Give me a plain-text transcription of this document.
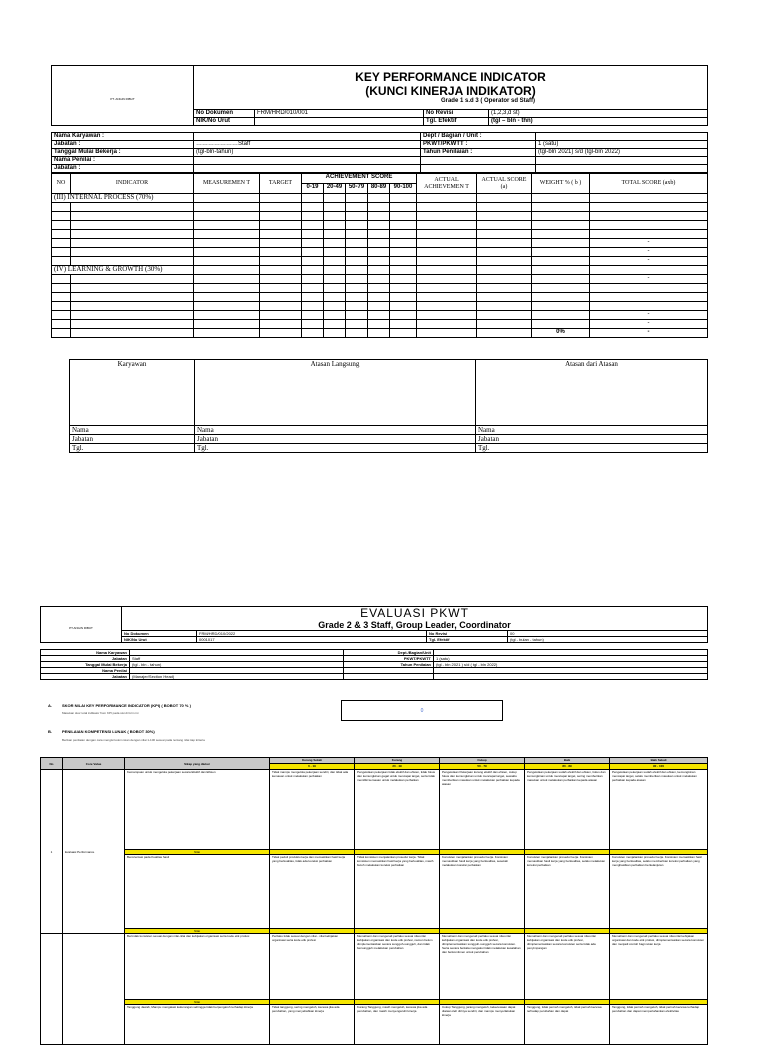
PT. ANGIN RIBUT	KEY PERFORMANCE INDICATOR
(KUNCI KINERJA INDIKATOR)
Grade 1 s.d 3 ( Operator sd Staff)			

	No Dokumen	FRM/HRD/010/001	No Revisi	(1,2,3,d st)
	NIK/No Urut		Tgl. Efektif	(tgl – bln - thn)
Nama Karyawan :		Dept / Bagian / Unit :	
Jabatan :	…………………Staff	PKWT/PKWTT :	1 (satu)
Tanggal Mulai Bekerja :	(tgl-bln-tahun)	Tahun Penilaian :	(tgl-bln 2021) s/d (tgl-bln 2022)
Nama Penilai :			
Jabatan :			
NO	INDICATOR	MEASUREMEN T	TARGET	ACHIEVEMENT SCORE					ACTUAL ACHIEVEMEN T	ACTUAL SCORE (a)	WEIGHT % ( b )	TOTAL SCORE (axb)
				0-19	20-49	50-79	80-89	90-100				
(III) INTERNAL PROCESS (70%)												

												-
												-
												-
(IV) LEARNING & GROWTH (30%)												
												-

												-
												-
											0%	-
Karyawan	Atasan Langsung	Atasan dari Atasan
Nama	Nama	Nama
Jabatan	Jabatan	Jabatan
Tgl.	Tgl.	Tgl.
PT.ANGIN RIBUT	EVALUASI PKWT
Grade 2 & 3 Staff, Group Leader, Coordinator			

	No Dokumen	FRM/HRD/010/2022	No Revisi	00
	NIK/No Urut	0001017	Tgl. Efektif	(tgl - bulan - tahun)
Nama Karyawan		Dept./Bagian/Unit	
Jabatan	Staff	PKWT/PKWTT	1 (satu)
Tanggal Mulai Bekerja	(tgl - bln - tahun)	Tahun Penilaian	(tgl - bln 2021 ) s/d ( tgl - bln 2022)
Nama Penilai			
Jabatan	(Manajer/Section Head)		
A.	SKOR NILAI KEY PERFORMANCE INDICATOR (KPI) ( BOBOT 70 % )
Masukan skor total indikator from KPI pada sisi di form ini	0
B.	PENILAIAN KOMPETENSI LUNAK ( BOBOT 30%)
Berikan penilaian dengan cara mengisi kolom isian dengan nilai 1-100 sesuai pada rentang nilai tiap kriteria
No	Core Value	Sikap yang diukur	Kurang Sekali	Kurang	Cukup	Baik	Baik Sekali
			0 - 19	20 - 49	50 - 79	80 - 89	90 - 100
1	Evaluasi Performance	Kemampuan untuk mengelola pekerjaan secara Efektif dan Efisien	Tidak mampu mengelola pekerjaan sendiri, dan tidak ada kemauan untuk melakukan perbaikan	Pengelolaan pekerjaan tidak efektif dan efisien, tidak fokus dan kemungkinan gagal untuk mencapai target, serta tidak memiliki kemauan untuk melakukan perbaikan	Pengelolaan Pekerjaan kurang efektif dan efisien, cukup fokus dan kemungkinan untuk mencapai target, sewaktu memberikan masukan untuk melakukan perbaikan kepada atasan	Pengelolaan pekerjaan sudah efektif dan efisien, fokus dan kemungkinan untuk mencapai target, sering memberikan masukan untuk melakukan perbaikan kepada atasan	Pengelolaan pekerjaan sudah efektif dan efisien, kemungkinan mencapai target, selalu memberikan masukan untuk melakukan perbaikan kepada atasan
		Nilai					
		Berorientasi pada Kualitas hasil	Tidak peduli produktu kerja dan memastikan hasil kerja yang berkualitas, tidak ada koreksi perbaikan	Tidak konsisten menjalankan prosedur kerja. Tidak konsisten memastikan hasil kerja yang berkualitas, masih butuh melakukan koreksi perbaikan	Konsisten menjalankan prosedur kerja. Konsisten memastikan hasil kerja yang berkualitas, sesekali melakukan koreksi perbaikan	Konsisten menjalankan prosedur kerja. Konsisten memastikan hasil kerja yang berkualitas, selalu melakukan koreksi perbaikan	Konsisten menjalankan prosedur kerja. Konsisten memastikan hasil kerja yang berkualitas, selalu memberikan koreksi perbaikan yang menghasilkan perbaikan berkelanjutan
		Nilai					
		Berindak konsisten sesuai dengan nilai-nilai dan kebijakan organisasi serta kode etik profesi	Perilaku tidak sesuai dengan nilai - nilai kebijakan organisasi serta kode etik profesi	Memahami dan mengenali perilaku sesuai nilai-nilai kebijakan organisasi dan kode etik profesi, namun belum dimplementasikan secara sungguh-sungguh, dan tidak bersungguh melakukan perubahan	Memahami dan mengenali perilaku sesuai nilai-nilai kebijakan organisasi dan kode etik profesi, diimplementasikan sungguh-sungguh secara konsisten. Serta secara berkala mengakui tidak melakukan kesalahan dan berkomitmen untuk perubahan	Memahami dan mengenali perilaku sesuai nilai-nilai kebijakan organisasi dan kode etik profesi, diimplementasikan secara konsisten serta tidak ada penyimpangan	Memahami dan mengenali perilaku sesuai nilai-nilai kebijakan organisasi dan kode etik profesi, diimplementasikan secara konsisten dan menjadi contoh bagi rekan kerja
		Nilai					
		Tanggung Jawab, Mampu mengatasi kekurangan sehingga tidak berpengaruh terhadap kinerja	Tidak tanggung, sering mengeluh, kecewa jika ada perubahan, yang menyebabkan kinerja	Kurang Tanggung, masih mengeluh, kecewa jika ada perubahan, dan masih menyengaruhi kinerja	Cukup Tanggung, jarang mengeluh, kekecewaan dapat diatasi oleh dirinya sendiri, dan mampu menyerlakukan kinerja	Tanggung, tidak pernah mengeluh, tidak pernah kecewa terhadap perubahan dan dapat	Tanggung, tidak pernah mengeluh, tidak pernah kecewa terhadap perubahan dan dapat mempertahankan efektivitas
